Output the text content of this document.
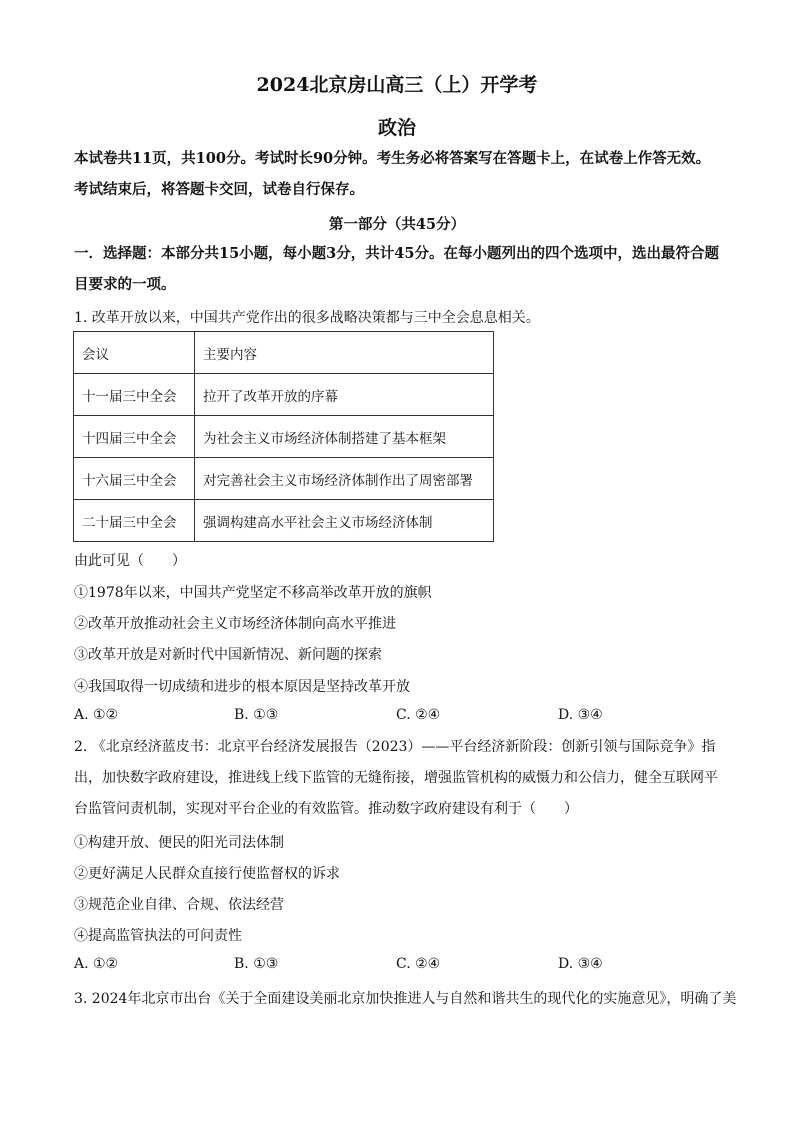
2024北京房山高三（上）开学考
政治
本试卷共11页，共100分。考试时长90分钟。考生务必将答案写在答题卡上，在试卷上作答无效。考试结束后，将答题卡交回，试卷自行保存。
第一部分（共45分）
一．选择题：本部分共15小题，每小题3分，共计45分。在每小题列出的四个选项中，选出最符合题目要求的一项。
1. 改革开放以来，中国共产党作出的很多战略决策都与三中全会息息相关。
会议	主要内容
十一届三中全会	拉开了改革开放的序幕
十四届三中全会	为社会主义市场经济体制搭建了基本框架
十六届三中全会	对完善社会主义市场经济体制作出了周密部署
二十届三中全会	强调构建高水平社会主义市场经济体制
由此可见（　　）
①1978年以来，中国共产党坚定不移高举改革开放的旗帜
②改革开放推动社会主义市场经济体制向高水平推进
③改革开放是对新时代中国新情况、新问题的探索
④我国取得一切成绩和进步的根本原因是坚持改革开放
A. ①②	B. ①③	C. ②④	D. ③④
2. 《北京经济蓝皮书：北京平台经济发展报告（2023）——平台经济新阶段：创新引领与国际竞争》指出，加快数字政府建设，推进线上线下监管的无缝衔接，增强监管机构的威慑力和公信力，健全互联网平台监管问责机制，实现对平台企业的有效监管。推动数字政府建设有利于（　　）
①构建开放、便民的阳光司法体制
②更好满足人民群众直接行使监督权的诉求
③规范企业自律、合规、依法经营
④提高监管执法的可问责性
A. ①②	B. ①③	C. ②④	D. ③④
3. 2024年北京市出台《关于全面建设美丽北京加快推进人与自然和谐共生的现代化的实施意见》，明确了美
